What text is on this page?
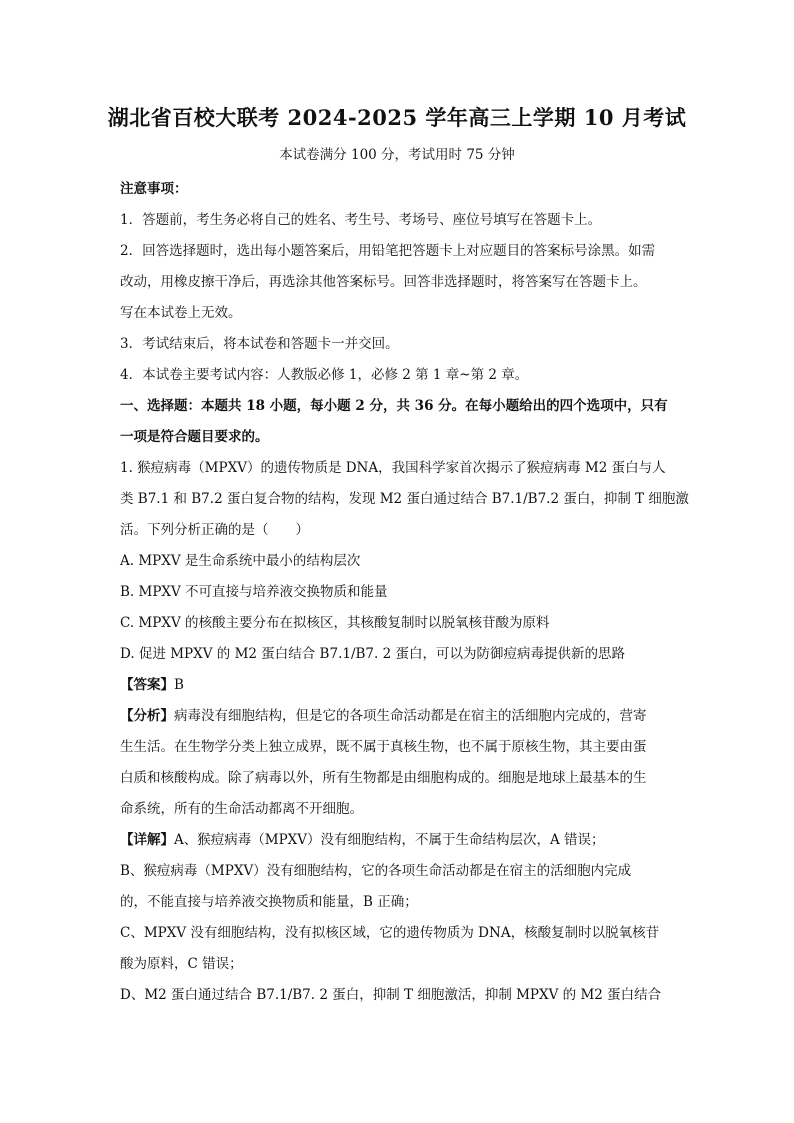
湖北省百校大联考 2024-2025 学年高三上学期 10 月考试
本试卷满分 100 分，考试用时 75 分钟

注意事项：

1．答题前，考生务必将自己的姓名、考生号、考场号、座位号填写在答题卡上。

2．回答选择题时，选出每小题答案后，用铅笔把答题卡上对应题目的答案标号涂黑。如需

改动，用橡皮擦干净后，再选涂其他答案标号。回答非选择题时，将答案写在答题卡上。

写在本试卷上无效。

3．考试结束后，将本试卷和答题卡一并交回。

4．本试卷主要考试内容：人教版必修 1，必修 2 第 1 章~第 2 章。

一、选择题：本题共 18 小题，每小题 2 分，共 36 分。在每小题给出的四个选项中，只有

一项是符合题目要求的。

1. 猴痘病毒（MPXV）的遗传物质是 DNA，我国科学家首次揭示了猴痘病毒 M2 蛋白与人

类 B7.1 和 B7.2 蛋白复合物的结构，发现 M2 蛋白通过结合 B7.1/B7.2 蛋白，抑制 T 细胞激

活。下列分析正确的是（　　）

A. MPXV 是生命系统中最小的结构层次

B. MPXV 不可直接与培养液交换物质和能量

C. MPXV 的核酸主要分布在拟核区，其核酸复制时以脱氧核苷酸为原料

D. 促进 MPXV 的 M2 蛋白结合 B7.1/B7. 2 蛋白，可以为防御痘病毒提供新的思路

【答案】B

【分析】病毒没有细胞结构，但是它的各项生命活动都是在宿主的活细胞内完成的，营寄

生生活。在生物学分类上独立成界，既不属于真核生物，也不属于原核生物，其主要由蛋

白质和核酸构成。除了病毒以外，所有生物都是由细胞构成的。细胞是地球上最基本的生

命系统，所有的生命活动都离不开细胞。

【详解】A、猴痘病毒（MPXV）没有细胞结构，不属于生命结构层次，A 错误；

B、猴痘病毒（MPXV）没有细胞结构，它的各项生命活动都是在宿主的活细胞内完成

的，不能直接与培养液交换物质和能量，B 正确；

C、MPXV 没有细胞结构，没有拟核区域，它的遗传物质为 DNA，核酸复制时以脱氧核苷

酸为原料，C 错误；

D、M2 蛋白通过结合 B7.1/B7. 2 蛋白，抑制 T 细胞激活，抑制 MPXV 的 M2 蛋白结合
